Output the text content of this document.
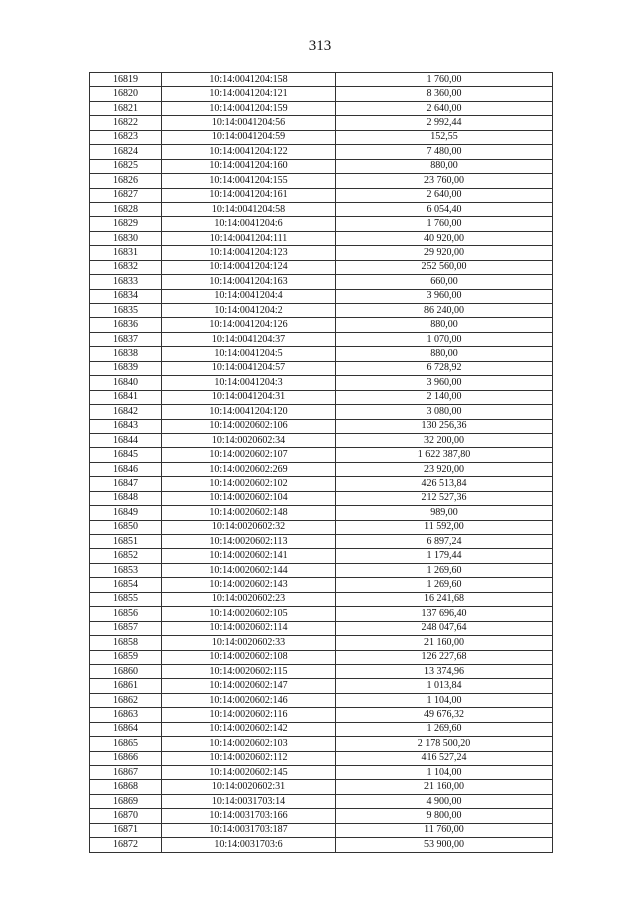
313
16819	10:14:0041204:158	1 760,00
16820	10:14:0041204:121	8 360,00
16821	10:14:0041204:159	2 640,00
16822	10:14:0041204:56	2 992,44
16823	10:14:0041204:59	152,55
16824	10:14:0041204:122	7 480,00
16825	10:14:0041204:160	880,00
16826	10:14:0041204:155	23 760,00
16827	10:14:0041204:161	2 640,00
16828	10:14:0041204:58	6 054,40
16829	10:14:0041204:6	1 760,00
16830	10:14:0041204:111	40 920,00
16831	10:14:0041204:123	29 920,00
16832	10:14:0041204:124	252 560,00
16833	10:14:0041204:163	660,00
16834	10:14:0041204:4	3 960,00
16835	10:14:0041204:2	86 240,00
16836	10:14:0041204:126	880,00
16837	10:14:0041204:37	1 070,00
16838	10:14:0041204:5	880,00
16839	10:14:0041204:57	6 728,92
16840	10:14:0041204:3	3 960,00
16841	10:14:0041204:31	2 140,00
16842	10:14:0041204:120	3 080,00
16843	10:14:0020602:106	130 256,36
16844	10:14:0020602:34	32 200,00
16845	10:14:0020602:107	1 622 387,80
16846	10:14:0020602:269	23 920,00
16847	10:14:0020602:102	426 513,84
16848	10:14:0020602:104	212 527,36
16849	10:14:0020602:148	989,00
16850	10:14:0020602:32	11 592,00
16851	10:14:0020602:113	6 897,24
16852	10:14:0020602:141	1 179,44
16853	10:14:0020602:144	1 269,60
16854	10:14:0020602:143	1 269,60
16855	10:14:0020602:23	16 241,68
16856	10:14:0020602:105	137 696,40
16857	10:14:0020602:114	248 047,64
16858	10:14:0020602:33	21 160,00
16859	10:14:0020602:108	126 227,68
16860	10:14:0020602:115	13 374,96
16861	10:14:0020602:147	1 013,84
16862	10:14:0020602:146	1 104,00
16863	10:14:0020602:116	49 676,32
16864	10:14:0020602:142	1 269,60
16865	10:14:0020602:103	2 178 500,20
16866	10:14:0020602:112	416 527,24
16867	10:14:0020602:145	1 104,00
16868	10:14:0020602:31	21 160,00
16869	10:14:0031703:14	4 900,00
16870	10:14:0031703:166	9 800,00
16871	10:14:0031703:187	11 760,00
16872	10:14:0031703:6	53 900,00
